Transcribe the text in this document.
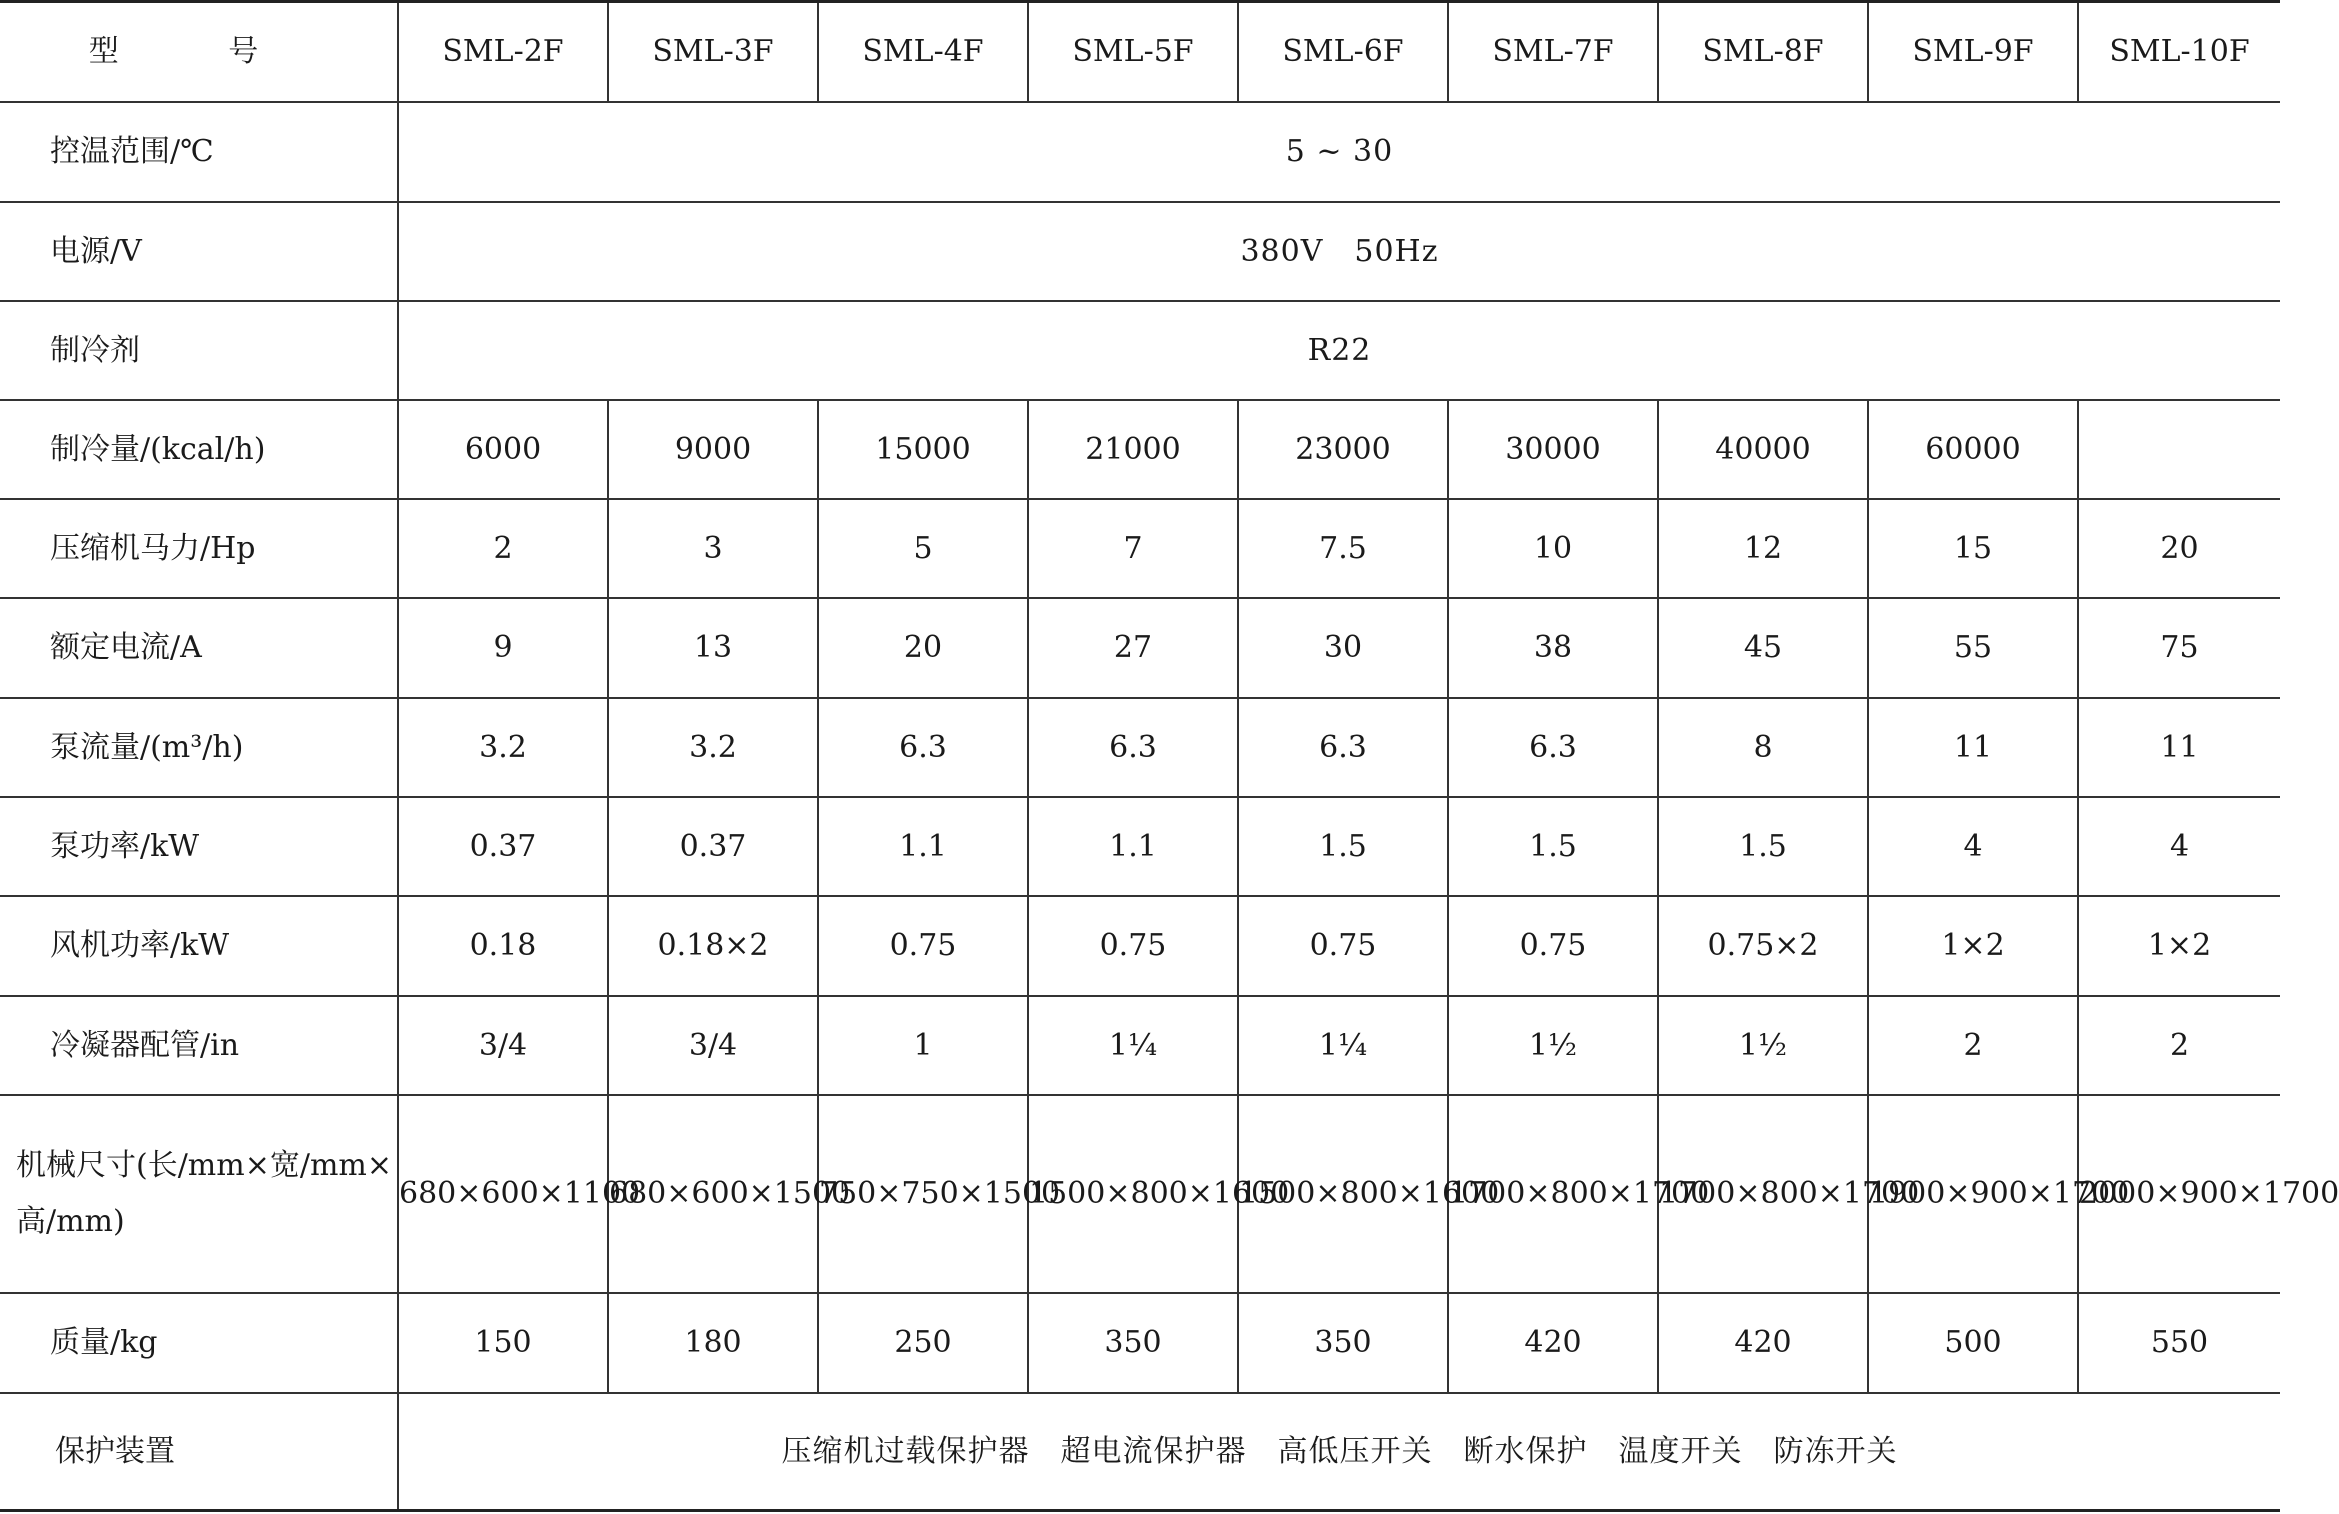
型 号	SML-2F	SML-3F	SML-4F	SML-5F	SML-6F	SML-7F	SML-8F	SML-9F	SML-10F
控温范围/℃	5 ~ 30								
电源/V	380V　50Hz								
制冷剂	R22								
制冷量/(kcal/h)	6000	9000	15000	21000	23000	30000	40000	60000	
压缩机马力/Hp	2	3	5	7	7.5	10	12	15	20
额定电流/A	9	13	20	27	30	38	45	55	75
泵流量/(m³/h)	3.2	3.2	6.3	6.3	6.3	6.3	8	11	11
泵功率/kW	0.37	0.37	1.1	1.1	1.5	1.5	1.5	4	4
风机功率/kW	0.18	0.18×2	0.75	0.75	0.75	0.75	0.75×2	1×2	1×2
冷凝器配管/in	3/4	3/4	1	1¼	1¼	1½	1½	2	2
机械尺寸(长/mm×宽/mm×高/mm)	680×600×1100	680×600×1500	750×750×1500	1500×800×1600	1500×800×1600	1700×800×1700	1700×800×1700	1900×900×1700	2000×900×1700
质量/kg	150	180	250	350	350	420	420	500	550
保护装置	压缩机过载保护器　超电流保护器　高低压开关　断水保护　温度开关　防冻开关								
